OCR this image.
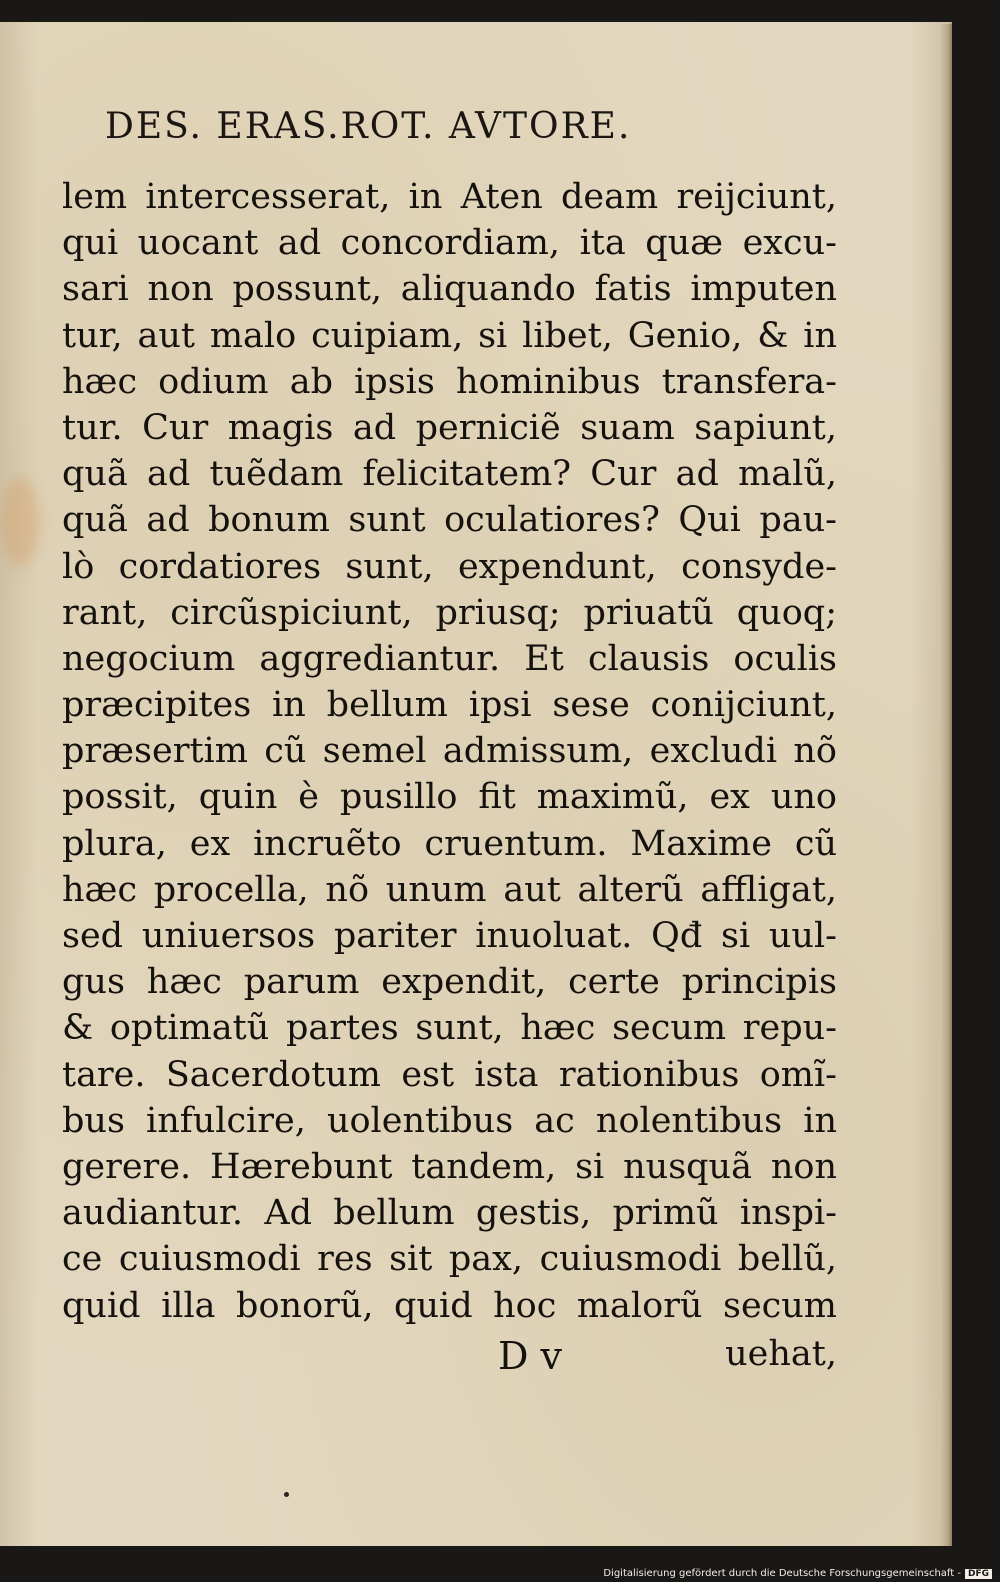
DES. ERAS.ROT. AVTORE.
lem intercesserat, in Aten deam reijciunt,
qui uocant ad concordiam, ita quæ excu-
sari non possunt, aliquando fatis imputen
tur, aut malo cuipiam, si libet, Genio, & in
hæc odium ab ipsis hominibus transfera-
tur. Cur magis ad perniciẽ suam sapiunt,
quã ad tuẽdam felicitatem? Cur ad malũ,
quã ad bonum sunt oculatiores? Qui pau-
lò cordatiores sunt, expendunt, consyde-
rant, circũspiciunt, priusq; priuatũ quoq;
negocium aggrediantur. Et clausis oculis
præcipites in bellum ipsi sese conijciunt,
præsertim cũ semel admissum, excludi nõ
possit, quin è pusillo fit maximũ, ex uno
plura, ex incruẽto cruentum. Maxime cũ
hæc procella, nõ unum aut alterũ affligat,
sed uniuersos pariter inuoluat. Qđ si uul-
gus hæc parum expendit, certe principis
& optimatũ partes sunt, hæc secum repu-
tare. Sacerdotum est ista rationibus omĩ-
bus infulcire, uolentibus ac nolentibus in
gerere. Hærebunt tandem, si nusquã non
audiantur. Ad bellum gestis, primũ inspi-
ce cuiusmodi res sit pax, cuiusmodi bellũ,
quid illa bonorũ, quid hoc malorũ secum
D v	uehat,
Digitalisierung gefördert durch die Deutsche Forschungsgemeinschaft - DFG
